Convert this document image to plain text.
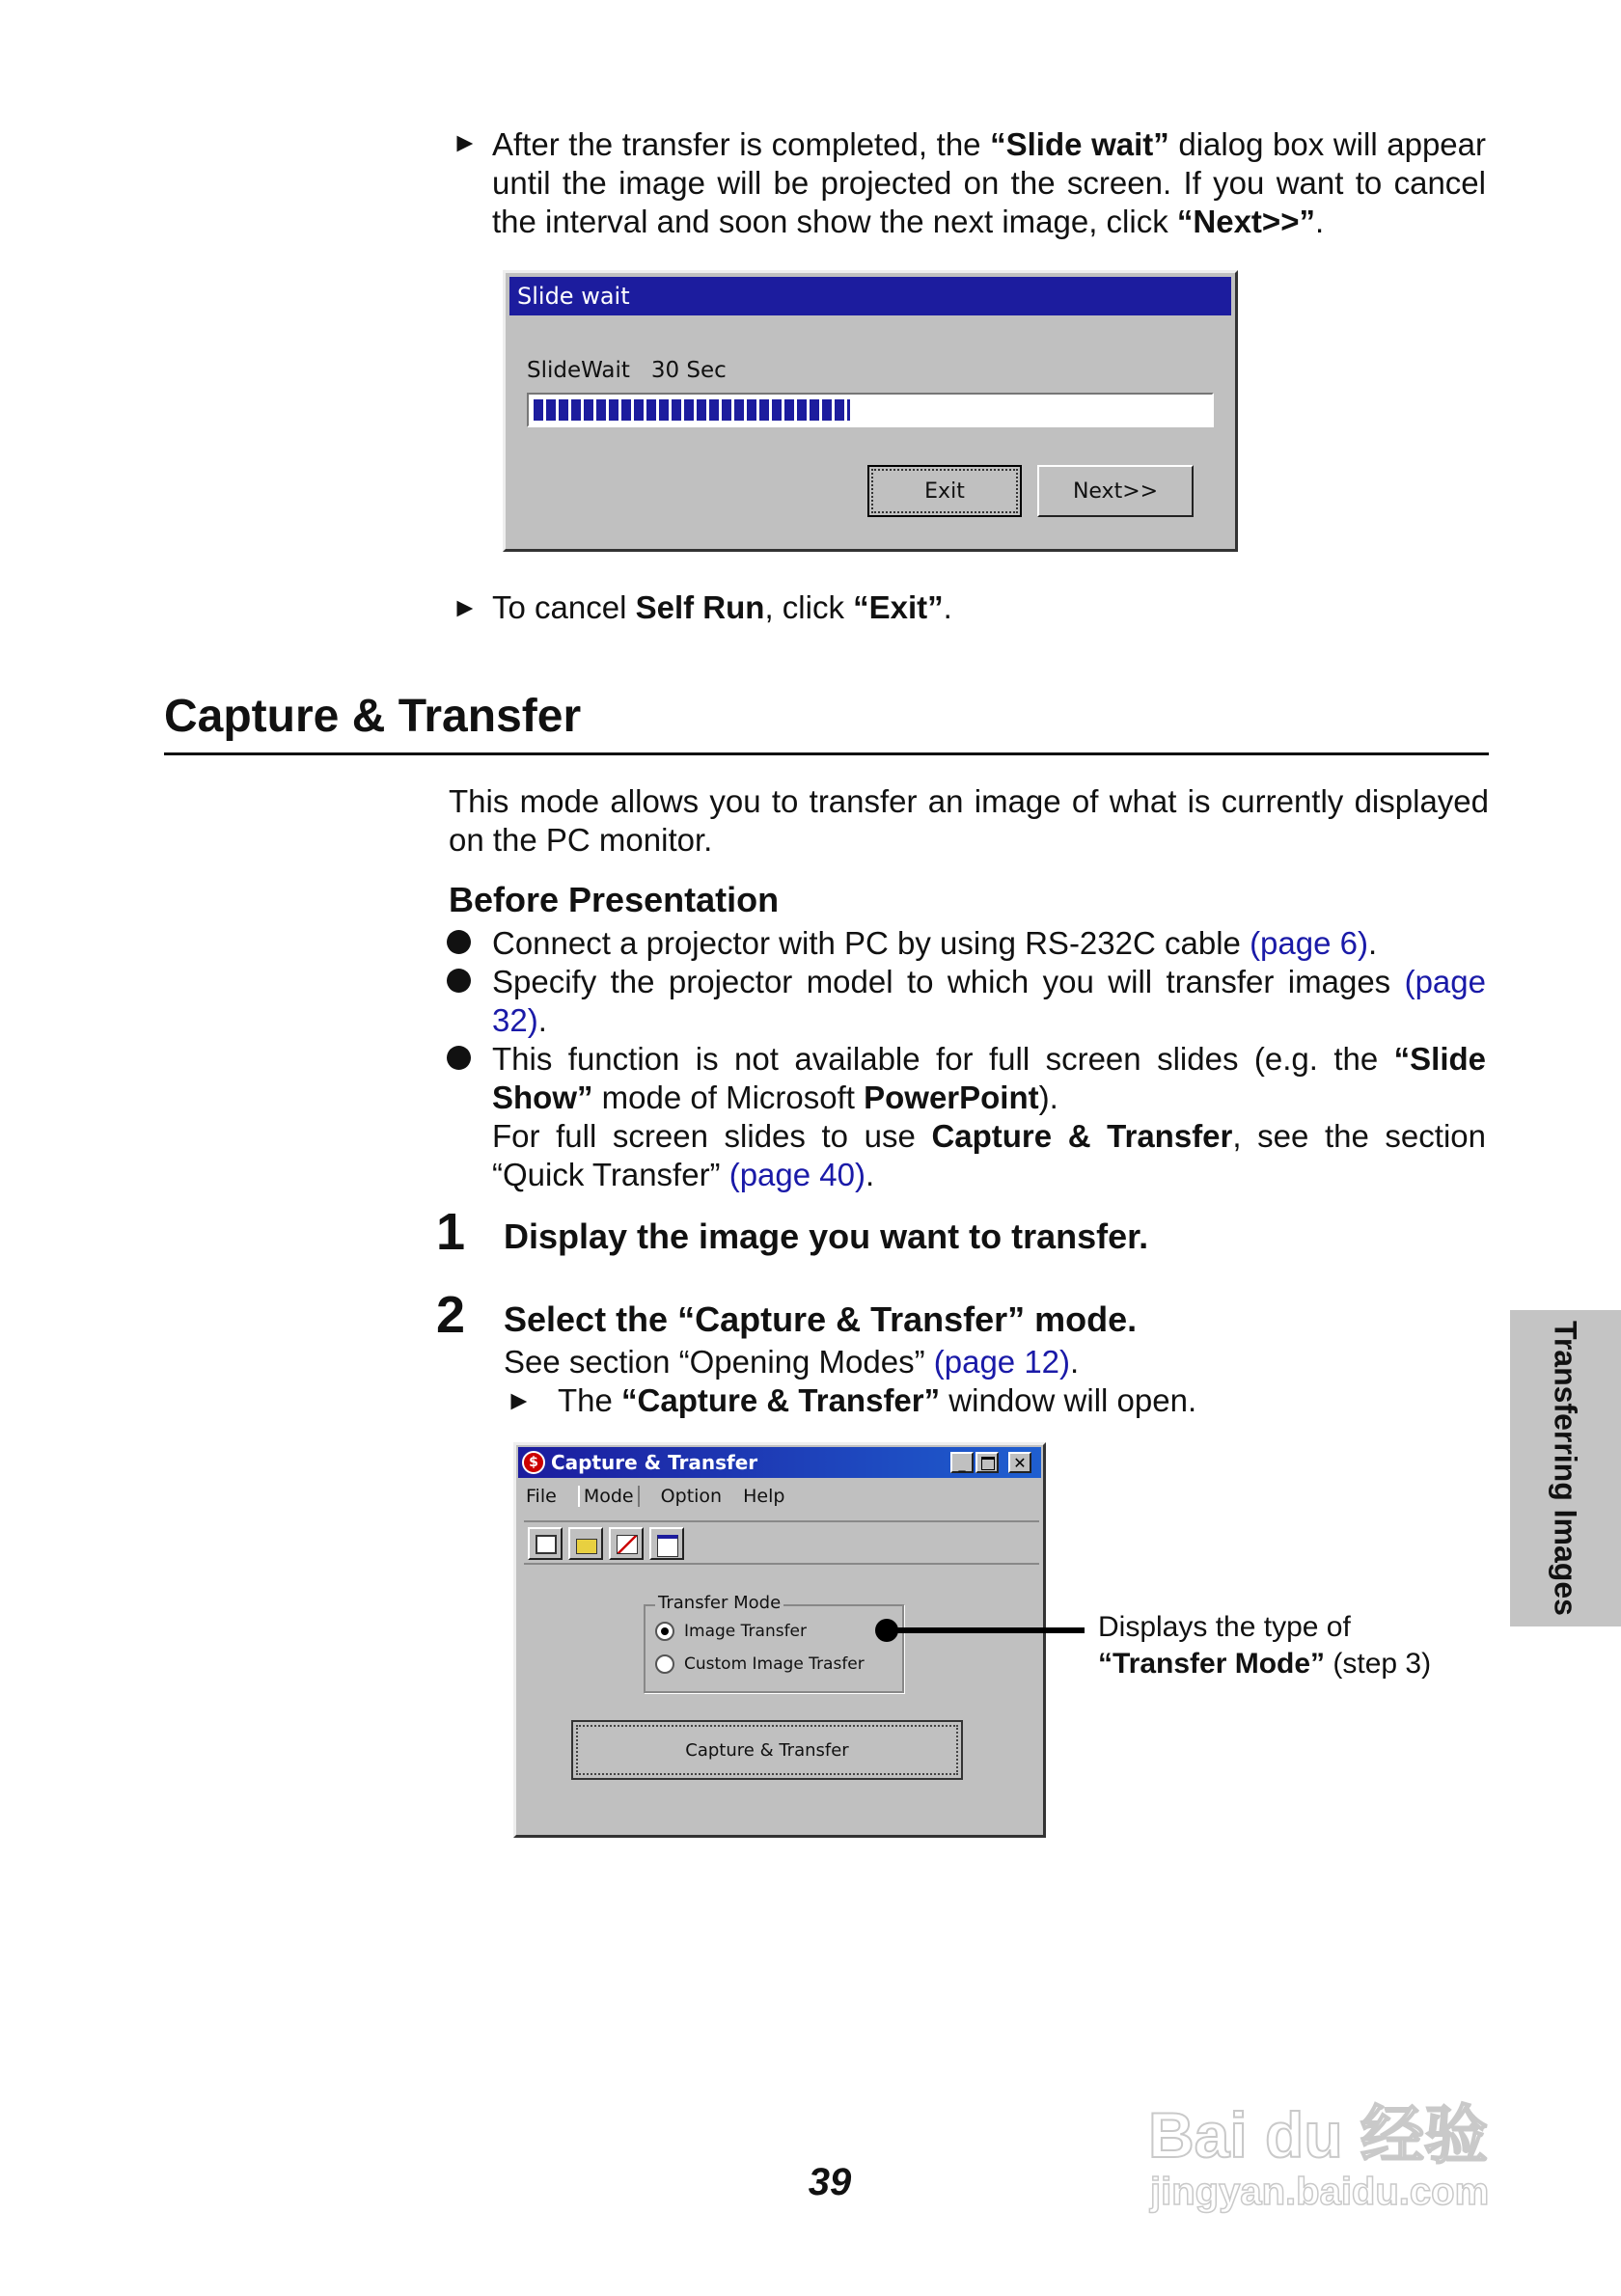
► After the transfer is completed, the “Slide wait” dialog box will appear until the image will be projected on the screen. If you want to cancel the interval and soon show the next image, click “Next>>”.
Slide wait
SlideWait   30 Sec
Exit	Next>>
► To cancel Self Run, click “Exit”.
Capture & Transfer
This mode allows you to transfer an image of what is currently displayed on the PC monitor.
Before Presentation
Connect a projector with PC by using RS-232C cable (page 6).
Specify the projector model to which you will transfer images (page 32).
This function is not available for full screen slides (e.g. the “Slide Show” mode of Microsoft PowerPoint).
For full screen slides to use Capture & Transfer, see the section “Quick Transfer” (page 40).
1 Display the image you want to transfer.
2 Select the “Capture & Transfer” mode.
See section “Opening Modes” (page 12).
► The “Capture & Transfer” window will open.
$ Capture & Transfer	_	✕
File Mode Option Help
Transfer Mode
Image Transfer
Custom Image Trasfer
Capture & Transfer
Displays the type of
“Transfer Mode” (step 3)
Transferring Images
39
Bai du 经验
jingyan.baidu.com
